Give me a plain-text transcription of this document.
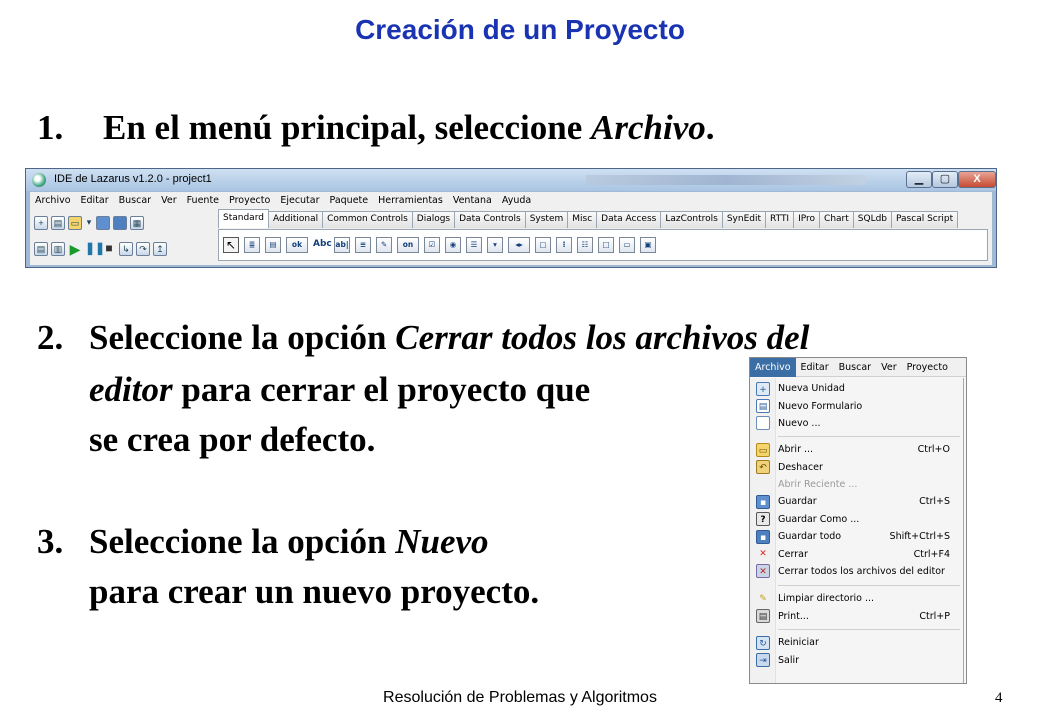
Creación de un Proyecto
1. En el menú principal, seleccione Archivo.
IDE de Lazarus v1.2.0 - project1	▁	▢	X
Archivo	Editar	Buscar	Ver	Fuente	Proyecto	Ejecutar	Paquete	Herramientas	Ventana	Ayuda
+	▤ ▭ ▾	▦
▤ ▥ ▶ ❚❚ ■	↳	↷	↥
Standard	Additional	Common Controls	Dialogs	Data Controls	System	Misc	Data Access	LazControls	SynEdit	RTTI	IPro	Chart	SQLdb	Pascal Script
↖	≣	▤	ok	Abc ab|	≡	✎	on	☑	◉	☰	▾	◂▸	▢	⁝	☷	□	▭	▣
2. Seleccione la opción Cerrar todos los archivos del
editor para cerrar el proyecto que
se crea por defecto.
3. Seleccione la opción Nuevo
para crear un nuevo proyecto.
Archivo	Editar	Buscar	Ver	Proyecto
+	Nueva Unidad
▤ Nuevo Formulario
Nuevo ...
▭ Abrir ...	Ctrl+O
↶	Deshacer
Abrir Reciente ...
▪	Guardar	Ctrl+S
?	Guardar Como ...
▪	Guardar todo	Shift+Ctrl+S
✕	Cerrar	Ctrl+F4
✕	Cerrar todos los archivos del editor
✎	Limpiar directorio ...
▤ Print...	Ctrl+P
↻	Reiniciar
⇥	Salir
Resolución de Problemas y Algoritmos	4
